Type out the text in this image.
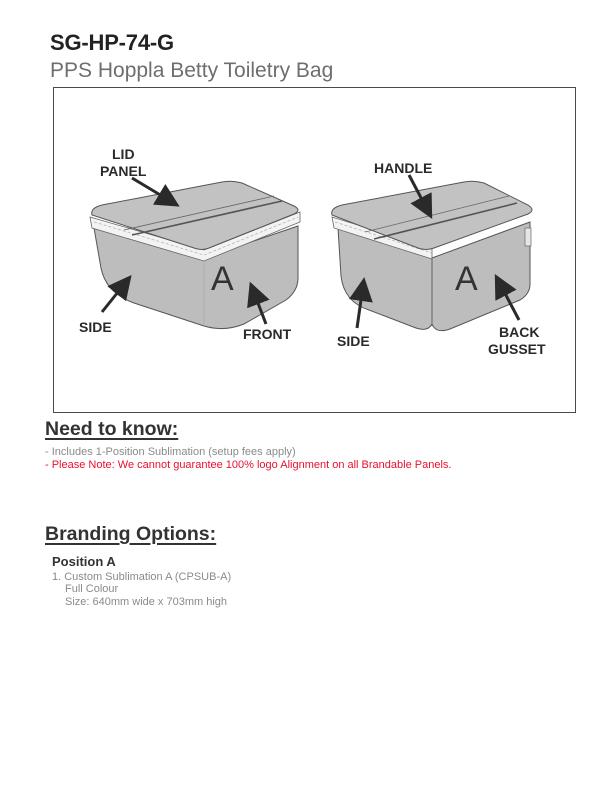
SG-HP-74-G
PPS Hoppla Betty Toiletry Bag
A
LID
PANEL
SIDE	FRONT
A
HANDLE
SIDE
BACK
GUSSET
Need to know:
- Includes 1-Position Sublimation (setup fees apply)
- Please Note: We cannot guarantee 100% logo Alignment on all Brandable Panels.
Branding Options:
Position A
1. Custom Sublimation A (CPSUB-A)
Full Colour
Size: 640mm wide x 703mm high
